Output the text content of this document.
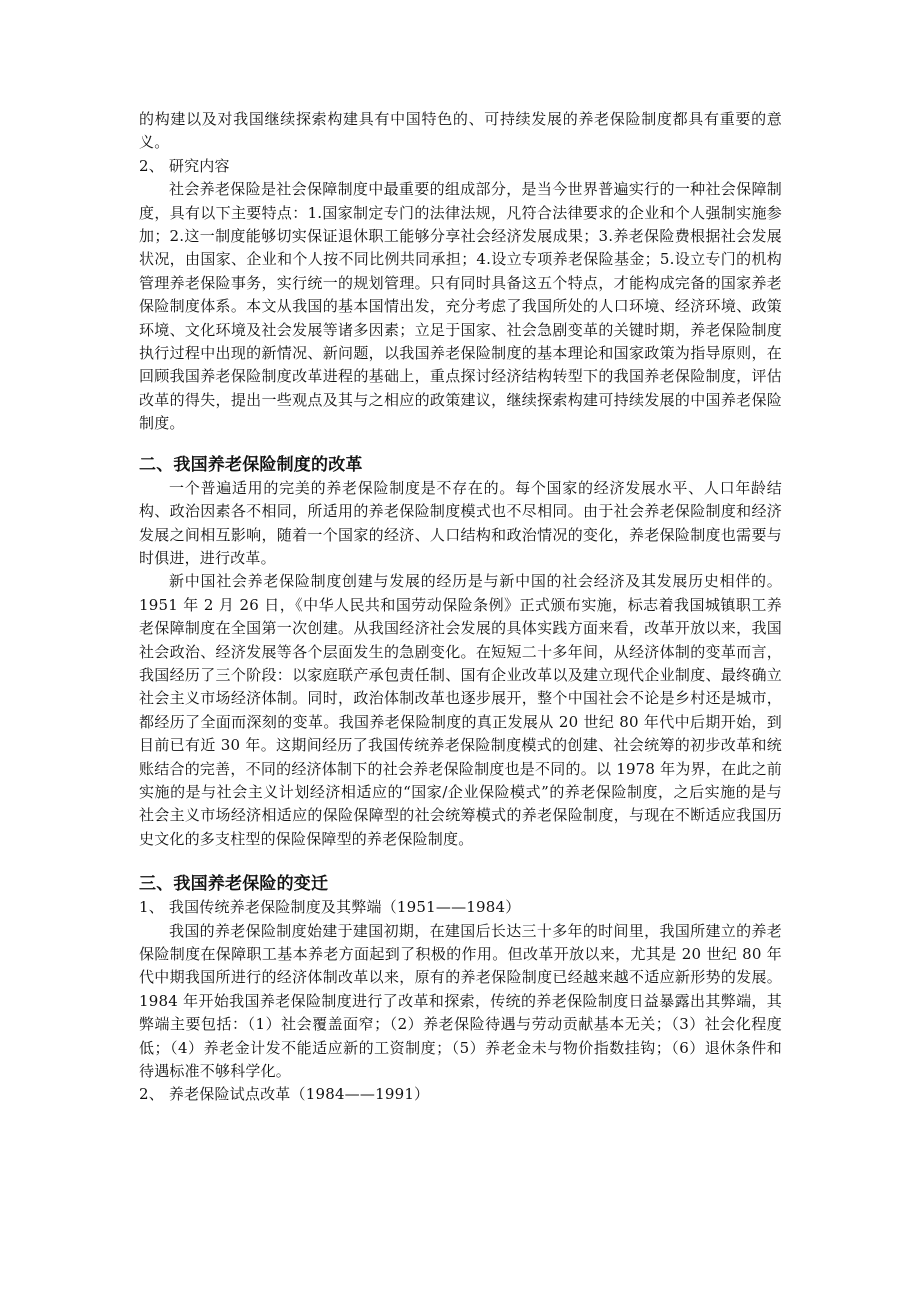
的构建以及对我国继续探索构建具有中国特色的、可持续发展的养老保险制度都具有重要的意义。

2、 研究内容

社会养老保险是社会保障制度中最重要的组成部分，是当今世界普遍实行的一种社会保障制度，具有以下主要特点：1.国家制定专门的法律法规，凡符合法律要求的企业和个人强制实施参加；2.这一制度能够切实保证退休职工能够分享社会经济发展成果；3.养老保险费根据社会发展状况，由国家、企业和个人按不同比例共同承担；4.设立专项养老保险基金；5.设立专门的机构管理养老保险事务，实行统一的规划管理。只有同时具备这五个特点，才能构成完备的国家养老保险制度体系。本文从我国的基本国情出发，充分考虑了我国所处的人口环境、经济环境、政策环境、文化环境及社会发展等诸多因素；立足于国家、社会急剧变革的关键时期，养老保险制度执行过程中出现的新情况、新问题，以我国养老保险制度的基本理论和国家政策为指导原则，在回顾我国养老保险制度改革进程的基础上，重点探讨经济结构转型下的我国养老保险制度，评估改革的得失，提出一些观点及其与之相应的政策建议，继续探索构建可持续发展的中国养老保险制度。

二、我国养老保险制度的改革

一个普遍适用的完美的养老保险制度是不存在的。每个国家的经济发展水平、人口年龄结构、政治因素各不相同，所适用的养老保险制度模式也不尽相同。由于社会养老保险制度和经济发展之间相互影响，随着一个国家的经济、人口结构和政治情况的变化，养老保险制度也需要与时俱进，进行改革。

新中国社会养老保险制度创建与发展的经历是与新中国的社会经济及其发展历史相伴的。1951 年 2 月 26 日，《中华人民共和国劳动保险条例》正式颁布实施，标志着我国城镇职工养老保障制度在全国第一次创建。从我国经济社会发展的具体实践方面来看，改革开放以来，我国社会政治、经济发展等各个层面发生的急剧变化。在短短二十多年间，从经济体制的变革而言，我国经历了三个阶段：以家庭联产承包责任制、国有企业改革以及建立现代企业制度、最终确立社会主义市场经济体制。同时，政治体制改革也逐步展开，整个中国社会不论是乡村还是城市，都经历了全面而深刻的变革。我国养老保险制度的真正发展从 20 世纪 80 年代中后期开始，到目前已有近 30 年。这期间经历了我国传统养老保险制度模式的创建、社会统筹的初步改革和统账结合的完善，不同的经济体制下的社会养老保险制度也是不同的。以 1978 年为界，在此之前实施的是与社会主义计划经济相适应的“国家/企业保险模式”的养老保险制度，之后实施的是与社会主义市场经济相适应的保险保障型的社会统筹模式的养老保险制度，与现在不断适应我国历史文化的多支柱型的保险保障型的养老保险制度。

三、我国养老保险的变迁

1、 我国传统养老保险制度及其弊端（1951——1984）

我国的养老保险制度始建于建国初期，在建国后长达三十多年的时间里，我国所建立的养老保险制度在保障职工基本养老方面起到了积极的作用。但改革开放以来，尤其是 20 世纪 80 年代中期我国所进行的经济体制改革以来，原有的养老保险制度已经越来越不适应新形势的发展。1984 年开始我国养老保险制度进行了改革和探索，传统的养老保险制度日益暴露出其弊端，其弊端主要包括：（1）社会覆盖面窄；（2）养老保险待遇与劳动贡献基本无关；（3）社会化程度低；（4）养老金计发不能适应新的工资制度；（5）养老金未与物价指数挂钩；（6）退休条件和待遇标准不够科学化。

2、 养老保险试点改革（1984——1991）
